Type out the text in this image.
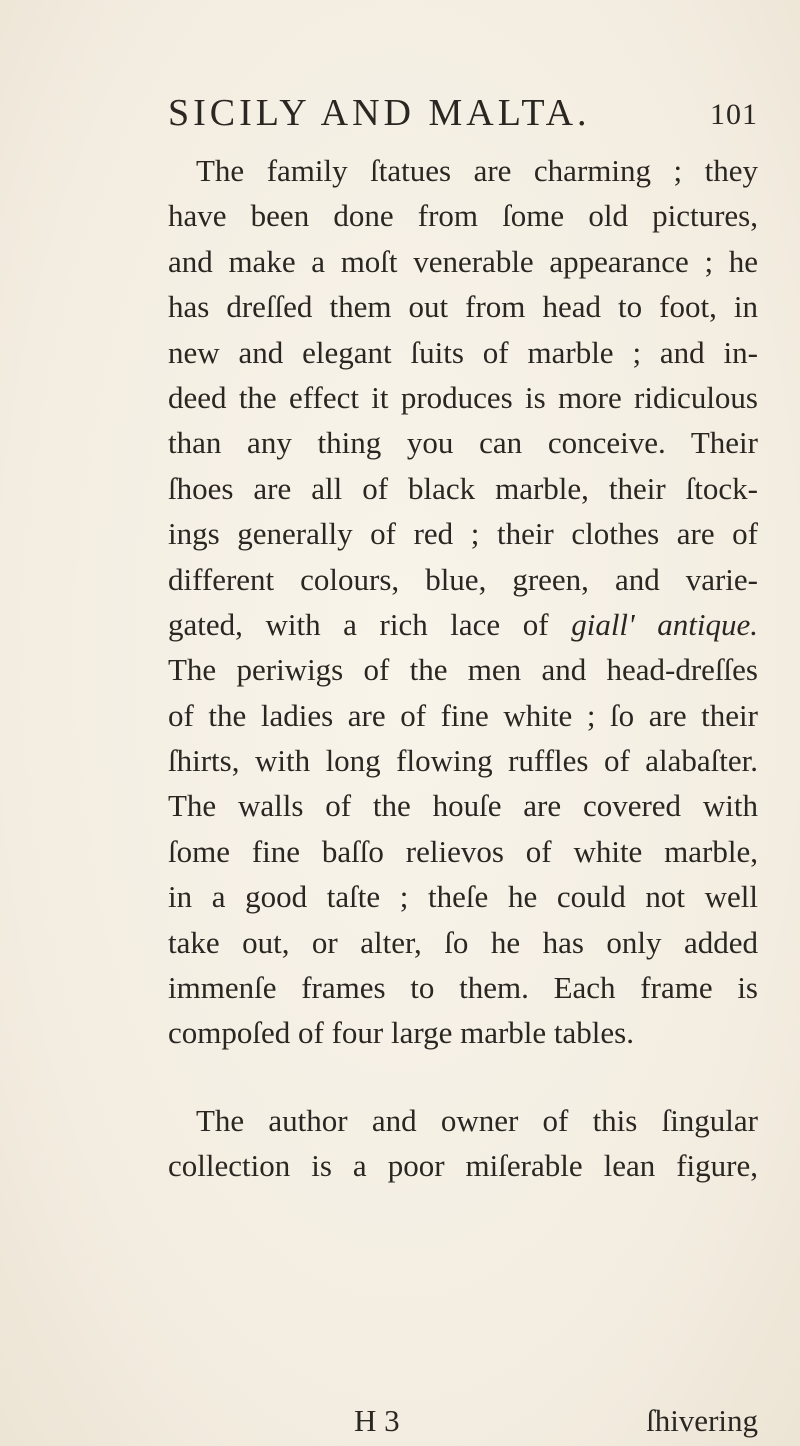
SICILY AND MALTA.	101
The family ſtatues are charming ; they
have been done from ſome old pictures,
and make a moſt venerable appearance ; he
has dreſſed them out from head to foot, in
new and elegant ſuits of marble ; and in-
deed the effect it produces is more ridiculous
than any thing you can conceive. Their
ſhoes are all of black marble, their ſtock-
ings generally of red ; their clothes are of
different colours, blue, green, and varie-
gated, with a rich lace of giall' antique.
The periwigs of the men and head-dreſſes
of the ladies are of fine white ; ſo are their
ſhirts, with long flowing ruffles of alabaſter.
The walls of the houſe are covered with
ſome fine baſſo relievos of white marble,
in a good taſte ; theſe he could not well
take out, or alter, ſo he has only added
immenſe frames to them. Each frame is
compoſed of four large marble tables.
The author and owner of this ſingular
collection is a poor miſerable lean figure,
H 3	ſhivering
